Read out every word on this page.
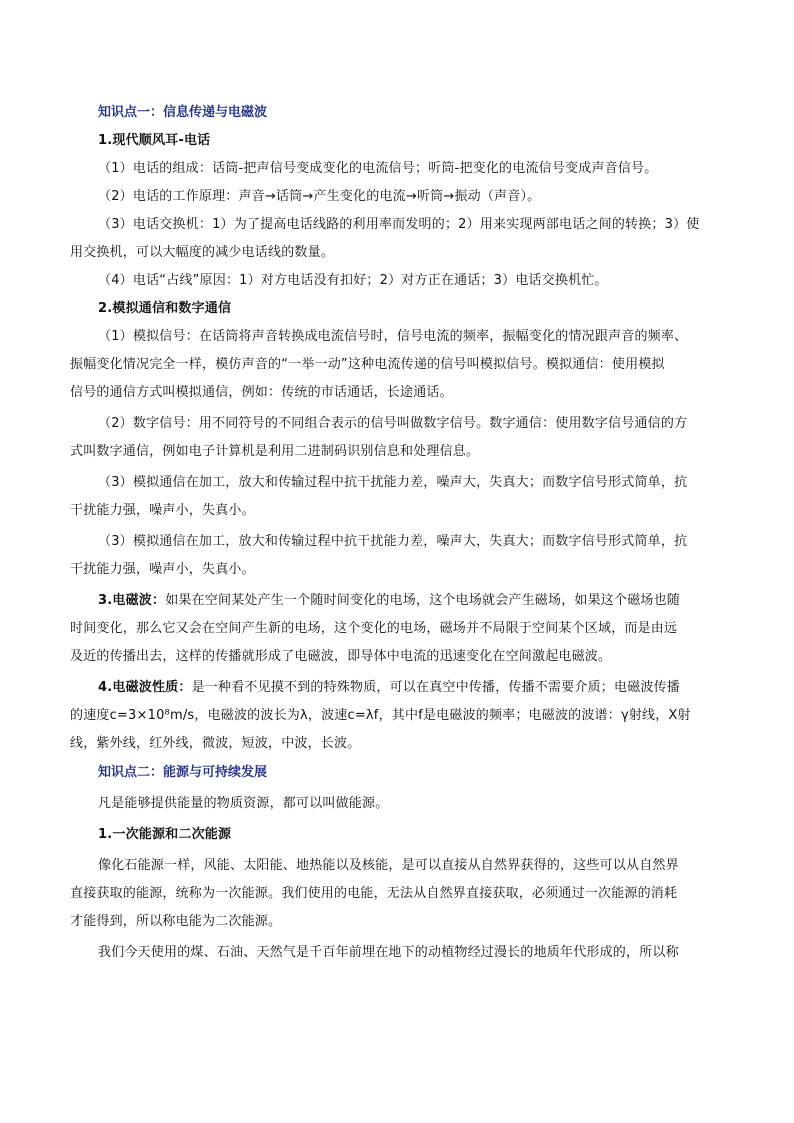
知识点一：信息传递与电磁波
1.现代顺风耳-电话
（1）电话的组成：话筒-把声信号变成变化的电流信号；听筒-把变化的电流信号变成声音信号。
（2）电话的工作原理：声音→话筒→产生变化的电流→听筒→振动（声音）。
（3）电话交换机：1）为了提高电话线路的利用率而发明的；2）用来实现两部电话之间的转换；3）使
用交换机，可以大幅度的减少电话线的数量。
（4）电话“占线”原因：1）对方电话没有扣好；2）对方正在通话；3）电话交换机忙。
2.模拟通信和数字通信
（1）模拟信号：在话筒将声音转换成电流信号时，信号电流的频率，振幅变化的情况跟声音的频率、
振幅变化情况完全一样，模仿声音的“一举一动”这种电流传递的信号叫模拟信号。模拟通信：使用模拟
信号的通信方式叫模拟通信，例如：传统的市话通话，长途通话。
（2）数字信号：用不同符号的不同组合表示的信号叫做数字信号。数字通信：使用数字信号通信的方
式叫数字通信，例如电子计算机是利用二进制码识别信息和处理信息。
（3）模拟通信在加工，放大和传输过程中抗干扰能力差，噪声大，失真大；而数字信号形式简单，抗
干扰能力强，噪声小，失真小。
（3）模拟通信在加工，放大和传输过程中抗干扰能力差，噪声大，失真大；而数字信号形式简单，抗
干扰能力强，噪声小，失真小。
3.电磁波：如果在空间某处产生一个随时间变化的电场，这个电场就会产生磁场，如果这个磁场也随
时间变化，那么它又会在空间产生新的电场，这个变化的电场，磁场并不局限于空间某个区域，而是由远
及近的传播出去，这样的传播就形成了电磁波，即导体中电流的迅速变化在空间激起电磁波。
4.电磁波性质：是一种看不见摸不到的特殊物质，可以在真空中传播，传播不需要介质；电磁波传播
的速度c=3×10⁸m/s，电磁波的波长为λ，波速c=λf，其中f是电磁波的频率；电磁波的波谱：γ射线，X射
线，紫外线，红外线，微波，短波，中波，长波。
知识点二：能源与可持续发展
凡是能够提供能量的物质资源，都可以叫做能源。
1.一次能源和二次能源
像化石能源一样，风能、太阳能、地热能以及核能，是可以直接从自然界获得的，这些可以从自然界
直接获取的能源，统称为一次能源。我们使用的电能，无法从自然界直接获取，必须通过一次能源的消耗
才能得到，所以称电能为二次能源。
我们今天使用的煤、石油、天然气是千百年前埋在地下的动植物经过漫长的地质年代形成的，所以称
